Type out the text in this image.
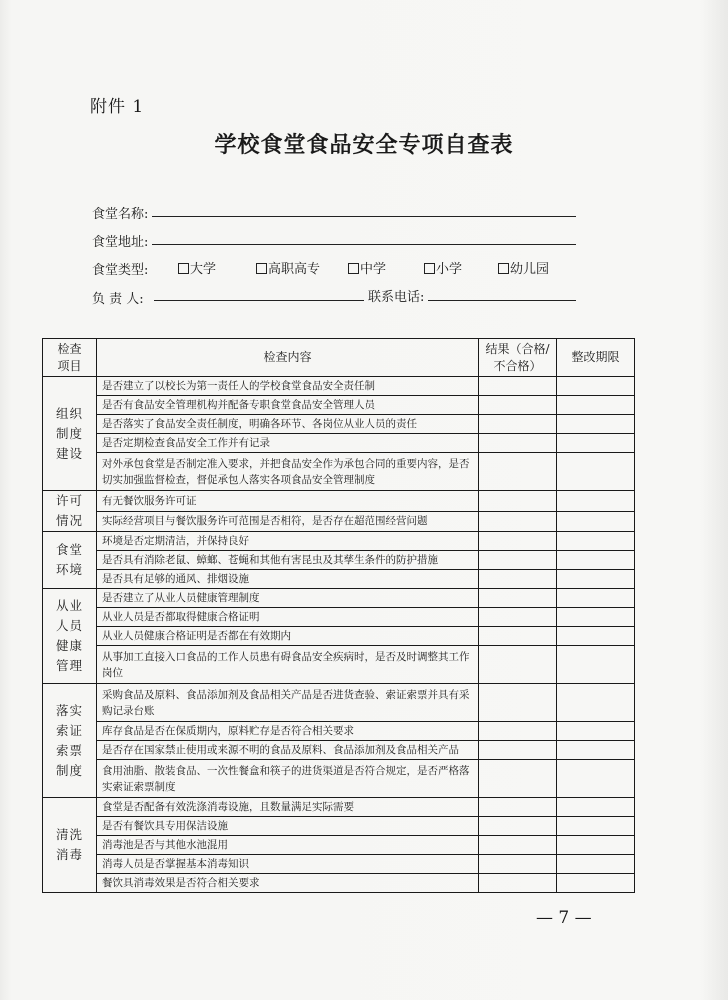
附件 1
学校食堂食品安全专项自查表
食堂名称:
食堂地址:
食堂类型:	大学	高职高专	中学	小学	幼儿园
负 责 人:	联系电话:
检查
项目	检查内容	结果（合格/
不合格）	整改期限
组织
制度
建设	是否建立了以校长为第一责任人的学校食堂食品安全责任制		
	是否有食品安全管理机构并配备专职食堂食品安全管理人员		
	是否落实了食品安全责任制度，明确各环节、各岗位从业人员的责任		
	是否定期检查食品安全工作并有记录		
	对外承包食堂是否制定准入要求，并把食品安全作为承包合同的重要内容，是否切实加强监督检查，督促承包人落实各项食品安全管理制度		
许可
情况	有无餐饮服务许可证		
	实际经营项目与餐饮服务许可范围是否相符，是否存在超范围经营问题		
食堂
环境	环境是否定期清洁，并保持良好		
	是否具有消除老鼠、蟑螂、苍蝇和其他有害昆虫及其孳生条件的防护措施		
	是否具有足够的通风、排烟设施		
从业
人员
健康
管理	是否建立了从业人员健康管理制度		
	从业人员是否都取得健康合格证明		
	从业人员健康合格证明是否都在有效期内		
	从事加工直接入口食品的工作人员患有碍食品安全疾病时，是否及时调整其工作岗位		
落实
索证
索票
制度	采购食品及原料、食品添加剂及食品相关产品是否进货查验、索证索票并具有采购记录台账		
	库存食品是否在保质期内，原料贮存是否符合相关要求		
	是否存在国家禁止使用或来源不明的食品及原料、食品添加剂及食品相关产品		
	食用油脂、散装食品、一次性餐盒和筷子的进货渠道是否符合规定，是否严格落实索证索票制度		
清洗
消毒	食堂是否配备有效洗涤消毒设施，且数量满足实际需要		
	是否有餐饮具专用保洁设施		
	消毒池是否与其他水池混用		
	消毒人员是否掌握基本消毒知识		
	餐饮具消毒效果是否符合相关要求		
— 7 —
